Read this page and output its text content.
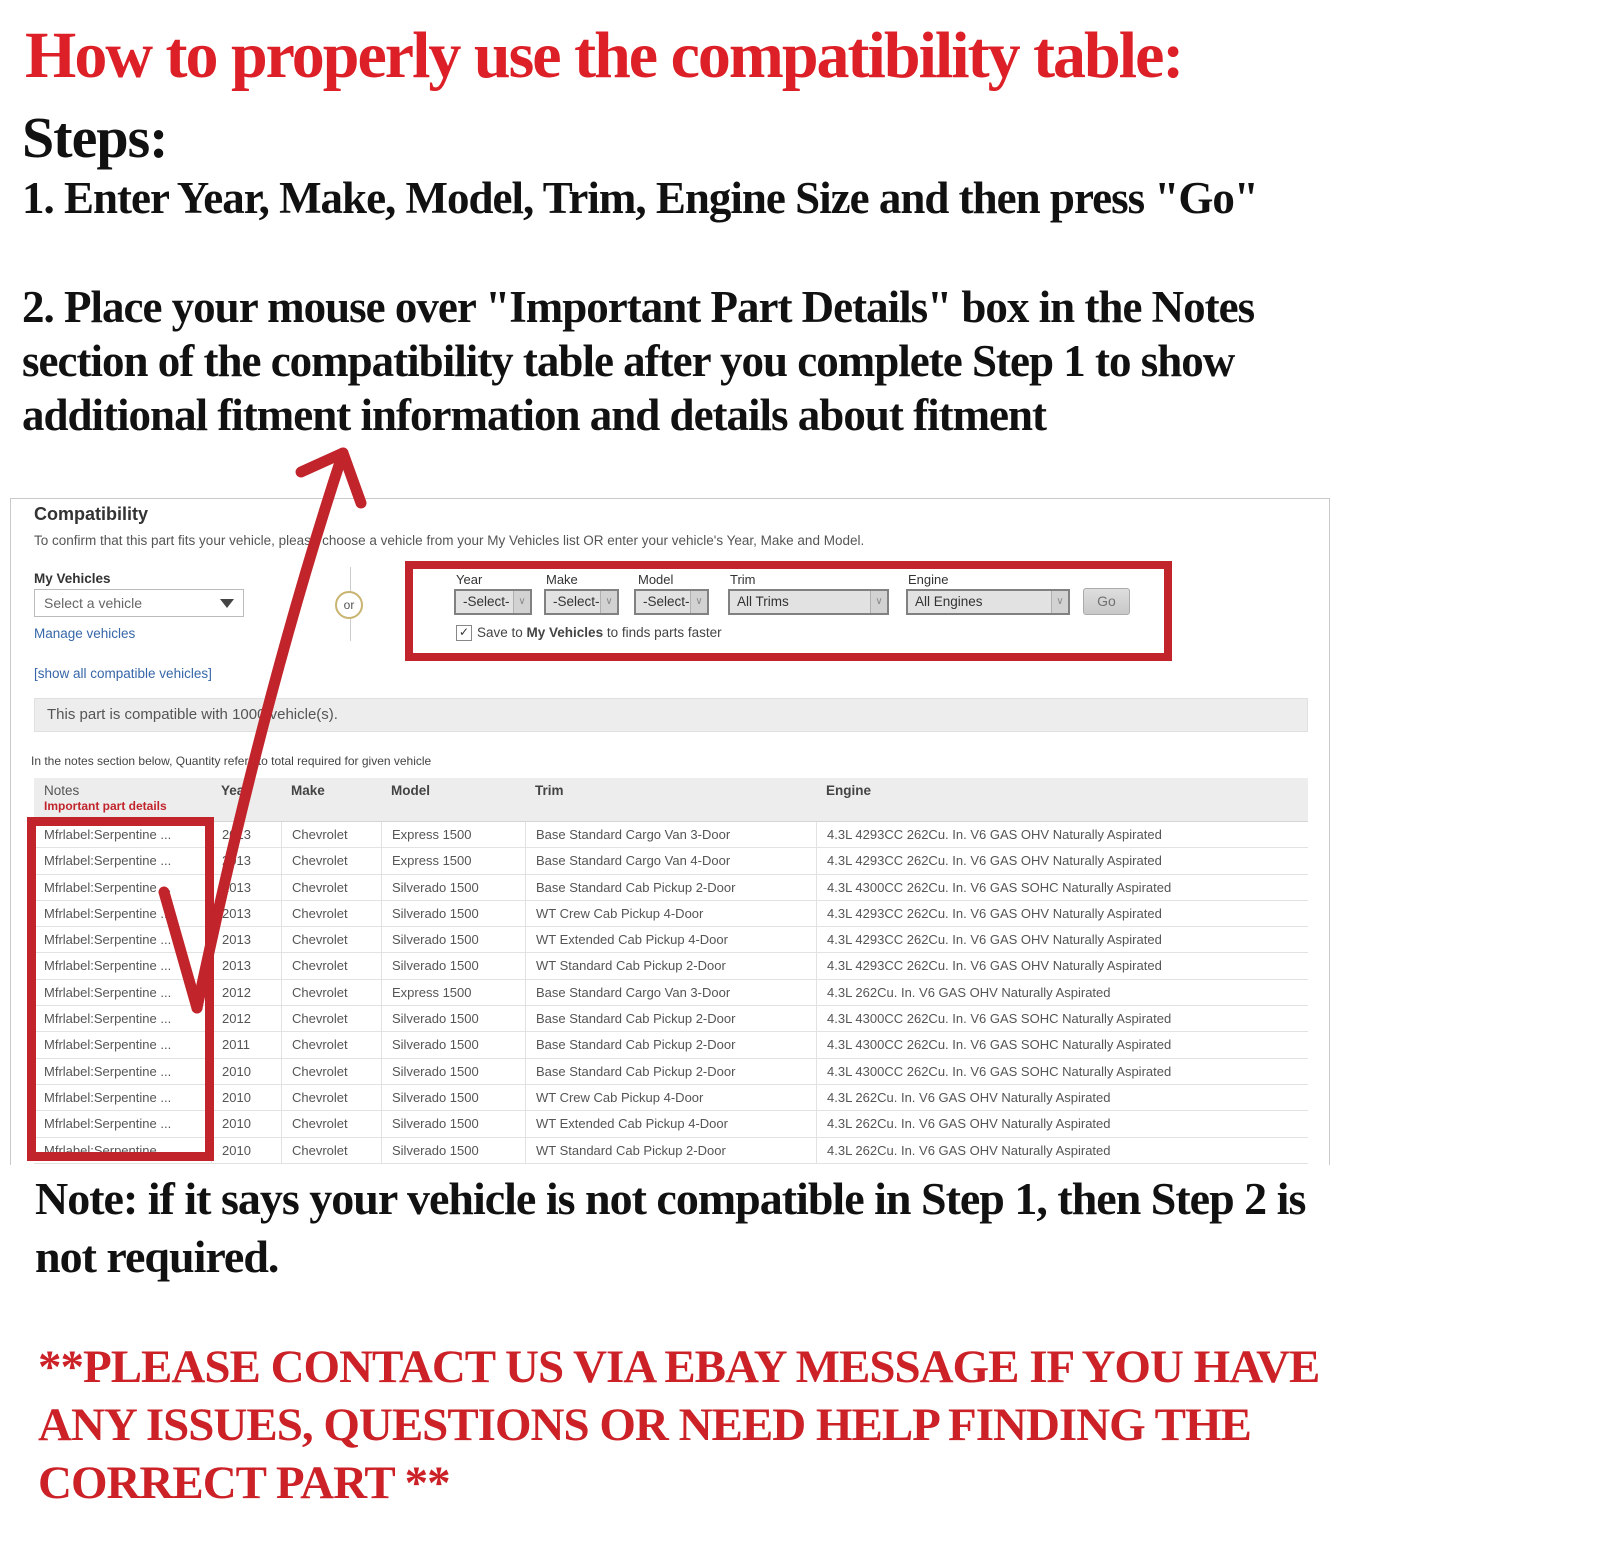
How to properly use the compatibility table:
Steps:
1. Enter Year, Make, Model, Trim, Engine Size and then press "Go"
2. Place your mouse over "Important Part Details" box in the Notes
section of the compatibility table after you complete Step 1 to show
additional fitment information and details about fitment
Compatibility
To confirm that this part fits your vehicle, please choose a vehicle from your My Vehicles list OR enter your vehicle's Year, Make and Model.
My Vehicles
Select a vehicle
Manage vehicles
[show all compatible vehicles]
or
Year	Make	Model	Trim	Engine
-Select- ∨	-Select- ∨	-Select- ∨	All Trims	∨	All Engines	∨	Go
✓ Save to My Vehicles to finds parts faster
This part is compatible with 1000 vehicle(s).
In the notes section below, Quantity refers to total required for given vehicle
Notes
Important part details
Year	Make	Model	Trim	Engine
Mfrlabel:Serpentine ...	2013	Chevrolet	Express 1500	Base Standard Cargo Van 3-Door	4.3L 4293CC 262Cu. In. V6 GAS OHV Naturally Aspirated
Mfrlabel:Serpentine ...	2013	Chevrolet	Express 1500	Base Standard Cargo Van 4-Door	4.3L 4293CC 262Cu. In. V6 GAS OHV Naturally Aspirated
Mfrlabel:Serpentine ...	2013	Chevrolet	Silverado 1500	Base Standard Cab Pickup 2-Door	4.3L 4300CC 262Cu. In. V6 GAS SOHC Naturally Aspirated
Mfrlabel:Serpentine ...	2013	Chevrolet	Silverado 1500	WT Crew Cab Pickup 4-Door	4.3L 4293CC 262Cu. In. V6 GAS OHV Naturally Aspirated
Mfrlabel:Serpentine ...	2013	Chevrolet	Silverado 1500	WT Extended Cab Pickup 4-Door	4.3L 4293CC 262Cu. In. V6 GAS OHV Naturally Aspirated
Mfrlabel:Serpentine ...	2013	Chevrolet	Silverado 1500	WT Standard Cab Pickup 2-Door	4.3L 4293CC 262Cu. In. V6 GAS OHV Naturally Aspirated
Mfrlabel:Serpentine ...	2012	Chevrolet	Express 1500	Base Standard Cargo Van 3-Door	4.3L 262Cu. In. V6 GAS OHV Naturally Aspirated
Mfrlabel:Serpentine ...	2012	Chevrolet	Silverado 1500	Base Standard Cab Pickup 2-Door	4.3L 4300CC 262Cu. In. V6 GAS SOHC Naturally Aspirated
Mfrlabel:Serpentine ...	2011	Chevrolet	Silverado 1500	Base Standard Cab Pickup 2-Door	4.3L 4300CC 262Cu. In. V6 GAS SOHC Naturally Aspirated
Mfrlabel:Serpentine ...	2010	Chevrolet	Silverado 1500	Base Standard Cab Pickup 2-Door	4.3L 4300CC 262Cu. In. V6 GAS SOHC Naturally Aspirated
Mfrlabel:Serpentine ...	2010	Chevrolet	Silverado 1500	WT Crew Cab Pickup 4-Door	4.3L 262Cu. In. V6 GAS OHV Naturally Aspirated
Mfrlabel:Serpentine ...	2010	Chevrolet	Silverado 1500	WT Extended Cab Pickup 4-Door	4.3L 262Cu. In. V6 GAS OHV Naturally Aspirated
Mfrlabel:Serpentine	2010	Chevrolet	Silverado 1500	WT Standard Cab Pickup 2-Door	4.3L 262Cu. In. V6 GAS OHV Naturally Aspirated
Note: if it says your vehicle is not compatible in Step 1, then Step 2 is
not required.
**PLEASE CONTACT US VIA EBAY MESSAGE IF YOU HAVE
ANY ISSUES, QUESTIONS OR NEED HELP FINDING THE
CORRECT PART **
